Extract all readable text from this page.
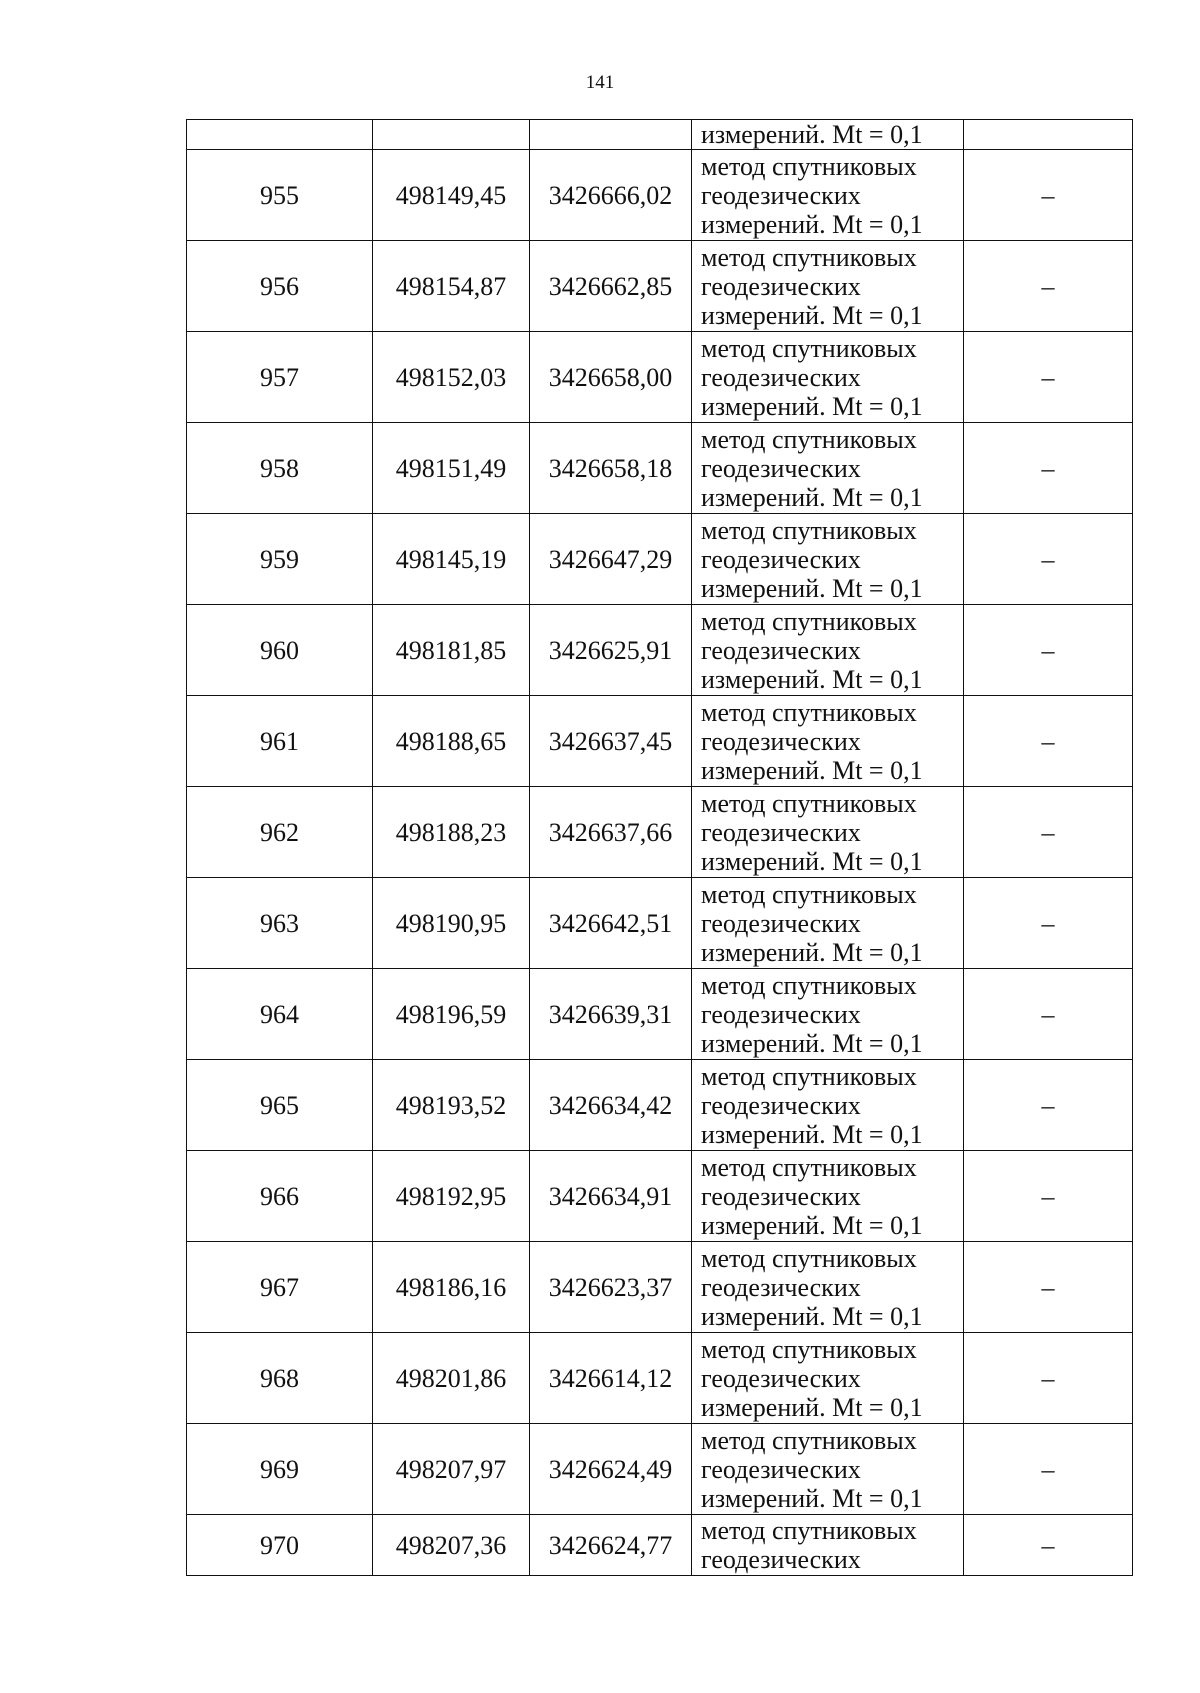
141
			измерений. Mt = 0,1	
955	498149,45	3426666,02	метод спутниковых
геодезических
измерений. Mt = 0,1	–
956	498154,87	3426662,85	метод спутниковых
геодезических
измерений. Mt = 0,1	–
957	498152,03	3426658,00	метод спутниковых
геодезических
измерений. Mt = 0,1	–
958	498151,49	3426658,18	метод спутниковых
геодезических
измерений. Mt = 0,1	–
959	498145,19	3426647,29	метод спутниковых
геодезических
измерений. Mt = 0,1	–
960	498181,85	3426625,91	метод спутниковых
геодезических
измерений. Mt = 0,1	–
961	498188,65	3426637,45	метод спутниковых
геодезических
измерений. Mt = 0,1	–
962	498188,23	3426637,66	метод спутниковых
геодезических
измерений. Mt = 0,1	–
963	498190,95	3426642,51	метод спутниковых
геодезических
измерений. Mt = 0,1	–
964	498196,59	3426639,31	метод спутниковых
геодезических
измерений. Mt = 0,1	–
965	498193,52	3426634,42	метод спутниковых
геодезических
измерений. Mt = 0,1	–
966	498192,95	3426634,91	метод спутниковых
геодезических
измерений. Mt = 0,1	–
967	498186,16	3426623,37	метод спутниковых
геодезических
измерений. Mt = 0,1	–
968	498201,86	3426614,12	метод спутниковых
геодезических
измерений. Mt = 0,1	–
969	498207,97	3426624,49	метод спутниковых
геодезических
измерений. Mt = 0,1	–
970	498207,36	3426624,77	метод спутниковых
геодезических	–
